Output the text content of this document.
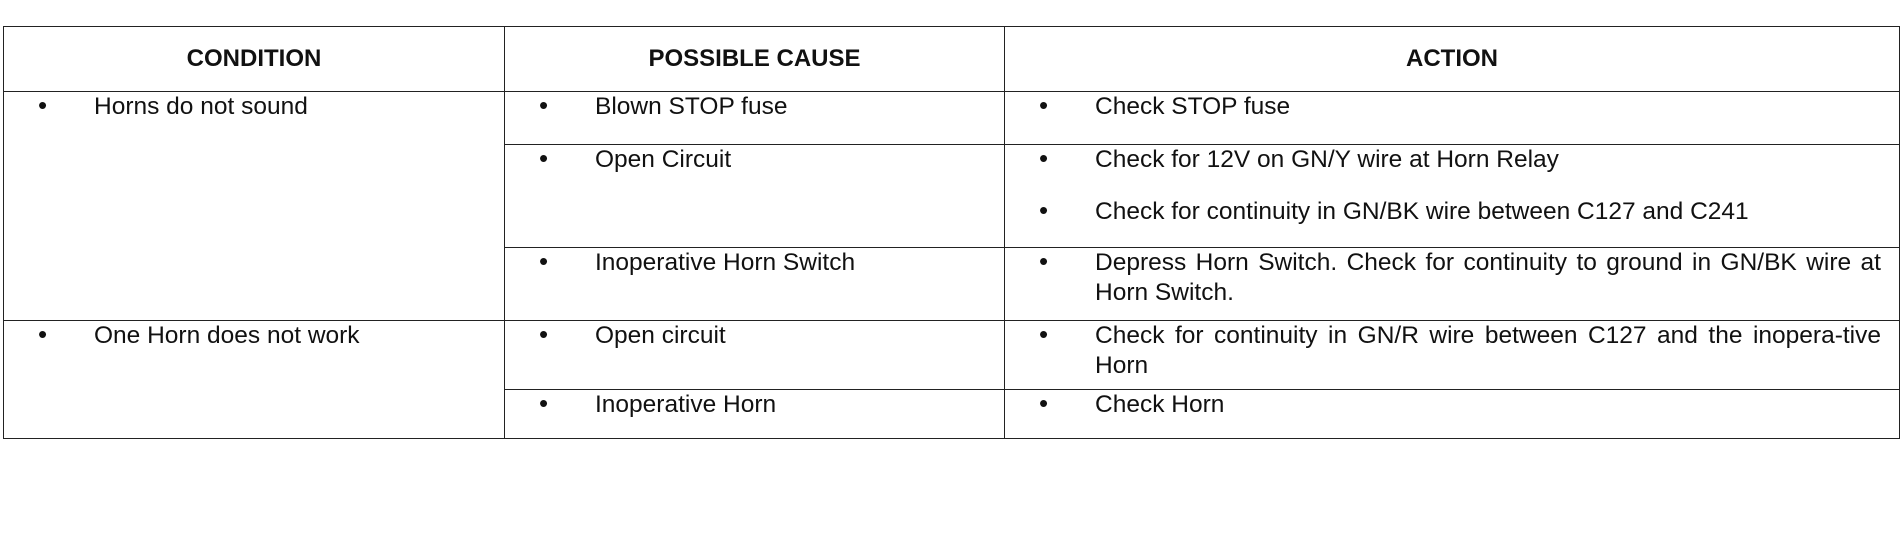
CONDITION	POSSIBLE CAUSE	ACTION

• Horns do not sound	• Blown STOP fuse	• Check STOP fuse

	• Open Circuit	• Check for 12V on GN/Y wire at Horn Relay
• Check for continuity in GN/BK wire between C127 and C241

	• Inoperative Horn Switch	• Depress Horn Switch. Check for continuity to ground in GN/BK wire at Horn Switch.

• One Horn does not work	• Open circuit	• Check for continuity in GN/R wire between C127 and the inopera-tive Horn

	• Inoperative Horn	• Check Horn
